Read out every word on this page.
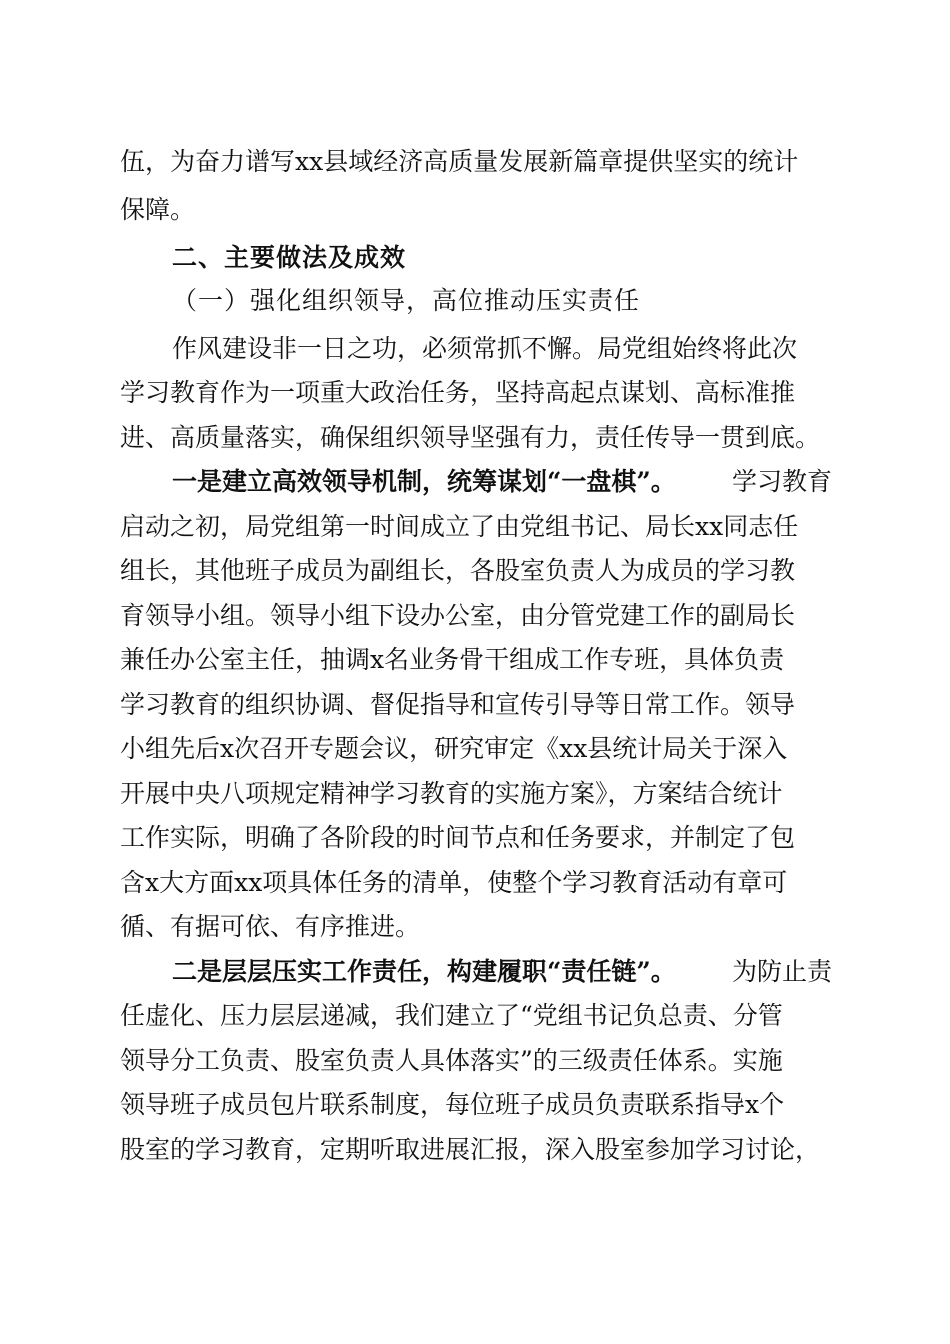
伍，为奋力谱写xx县域经济高质量发展新篇章提供坚实的统计
保障。
二、主要做法及成效
（一）强化组织领导，高位推动压实责任
作风建设非一日之功，必须常抓不懈。局党组始终将此次
学习教育作为一项重大政治任务，坚持高起点谋划、高标准推
进、高质量落实，确保组织领导坚强有力，责任传导一贯到底。
一是建立高效领导机制，统筹谋划“一盘棋”。 学习教育
启动之初，局党组第一时间成立了由党组书记、局长xx同志任
组长，其他班子成员为副组长，各股室负责人为成员的学习教
育领导小组。领导小组下设办公室，由分管党建工作的副局长
兼任办公室主任，抽调x名业务骨干组成工作专班，具体负责
学习教育的组织协调、督促指导和宣传引导等日常工作。领导
小组先后x次召开专题会议，研究审定《xx县统计局关于深入
开展中央八项规定精神学习教育的实施方案》，方案结合统计
工作实际，明确了各阶段的时间节点和任务要求，并制定了包
含x大方面xx项具体任务的清单，使整个学习教育活动有章可
循、有据可依、有序推进。
二是层层压实工作责任，构建履职“责任链”。 为防止责
任虚化、压力层层递减，我们建立了“党组书记负总责、分管
领导分工负责、股室负责人具体落实”的三级责任体系。实施
领导班子成员包片联系制度，每位班子成员负责联系指导x个
股室的学习教育，定期听取进展汇报，深入股室参加学习讨论，
